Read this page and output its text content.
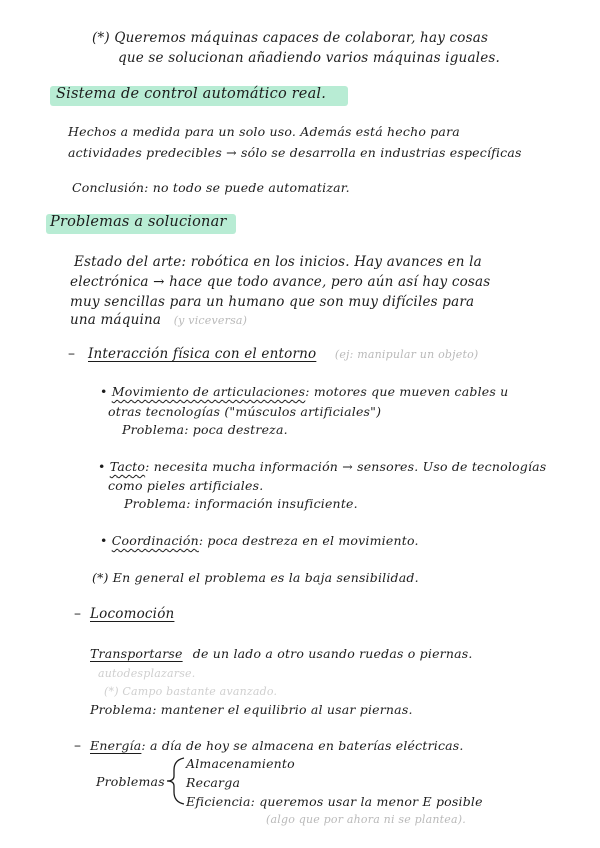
(*) Queremos máquinas capaces de colaborar, hay cosas
que se solucionan añadiendo varios máquinas iguales.
Sistema de control automático real.
Hechos a medida para un solo uso. Además está hecho para
actividades predecibles → sólo se desarrolla en industrias específicas
Conclusión: no todo se puede automatizar.
Problemas a solucionar
Estado del arte: robótica en los inicios. Hay avances en la
electrónica → hace que todo avance, pero aún así hay cosas
muy sencillas para un humano que son muy difíciles para
una máquina (y viceversa)
– Interacción física con el entorno (ej: manipular un objeto)
• Movimiento de articulaciones: motores que mueven cables u
otras tecnologías ("músculos artificiales")
Problema: poca destreza.
• Tacto: necesita mucha información → sensores. Uso de tecnologías
como pieles artificiales.
Problema: información insuficiente.
• Coordinación: poca destreza en el movimiento.
(*) En general el problema es la baja sensibilidad.
– Locomoción
Transportarse de un lado a otro usando ruedas o piernas.
autodesplazarse.
(*) Campo bastante avanzado.
Problema: mantener el equilibrio al usar piernas.
– Energía: a día de hoy se almacena en baterías eléctricas.
Problemas
Almacenamiento
Recarga
Eficiencia: queremos usar la menor E posible
(algo que por ahora ni se plantea).
